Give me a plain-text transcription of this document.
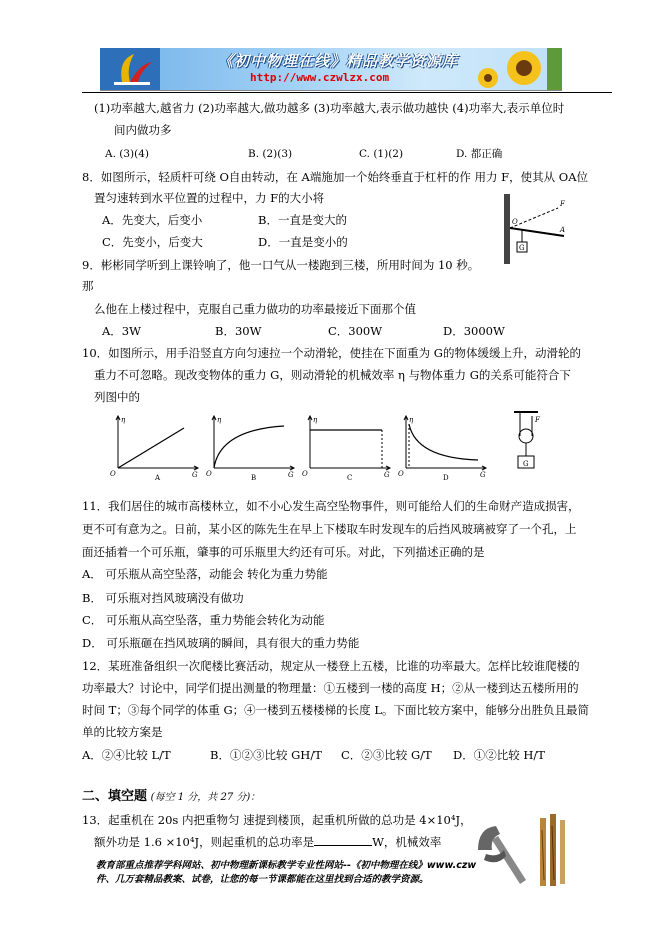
《初中物理在线》精品教学资源库
http://www.czwlzx.com
(1)功率越大,越省力 (2)功率越大,做功越多 (3)功率越大,表示做功越快 (4)功率大,表示单位时
间内做功多
A. (3)(4)	B. (2)(3)	C. (1)(2)	D. 都正确
8．如图所示，轻质杆可绕 O自由转动，在 A端施加一个始终垂直于杠杆的作 用力 F，使其从 OA位
置匀速转到水平位置的过程中，力 F的大小将
A．先变大，后变小	B．一直是变大的
C．先变小，后变大	D．一直是变小的	G
O
A
F
9．彬彬同学听到上课铃响了，他一口气从一楼跑到三楼，所用时间为 10 秒。
那
么他在上楼过程中，克服自己重力做功的功率最接近下面那个值
A．3W	B．30W	C．300W	D．3000W
10．如图所示，用手沿竖直方向匀速拉一个动滑轮，使挂在下面重为 G的物体缓缓上升，动滑轮的
重力不可忽略。现改变物体的重力 G，则动滑轮的机械效率 η 与物体重力 G的关系可能符合下
列图中的
η
G
O	A
η
G
O	B
η
G
O	C
η
G
O	D
G
F
11．我们居住的城市高楼林立，如不小心发生高空坠物事件，则可能给人们的生命财产造成损害，
更不可有意为之。日前，某小区的陈先生在早上下楼取车时发现车的后挡风玻璃被穿了一个孔，上
面还插着一个可乐瓶，肇事的可乐瓶里大约还有可乐。对此，下列描述正确的是
A． 可乐瓶从高空坠落，动能会 转化为重力势能
B． 可乐瓶对挡风玻璃没有做功
C． 可乐瓶从高空坠落，重力势能会转化为动能
D． 可乐瓶砸在挡风玻璃的瞬间，具有很大的重力势能
12．某班准备组织一次爬楼比赛活动，规定从一楼登上五楼，比谁的功率最大。怎样比较谁爬楼的
功率最大？讨论中，同学们提出测量的物理量：①五楼到一楼的高度 H；②从一楼到达五楼所用的
时间 T；③每个同学的体重 G；④一楼到五楼楼梯的长度 L。下面比较方案中，能够分出胜负且最简
单的比较方案是
A．②④比较 L/T	B．①②③比较 GH/T C．②③比较 G/T D．①②比较 H/T
二、填空题 (每空 1 分，共 27 分)：
13．起重机在 20s 内把重物匀 速提到楼顶，起重机所做的总功是 4×10⁴J，
额外功是 1.6 ×10⁴J，则起重机的总功率是	W，机械效率
教育部重点推荐学科网站、初中物理新课标教学专业性网站--《初中物理在线》www.czw
件、几万套精品教案、试卷，让您的每一节课都能在这里找到合适的教学资源。
